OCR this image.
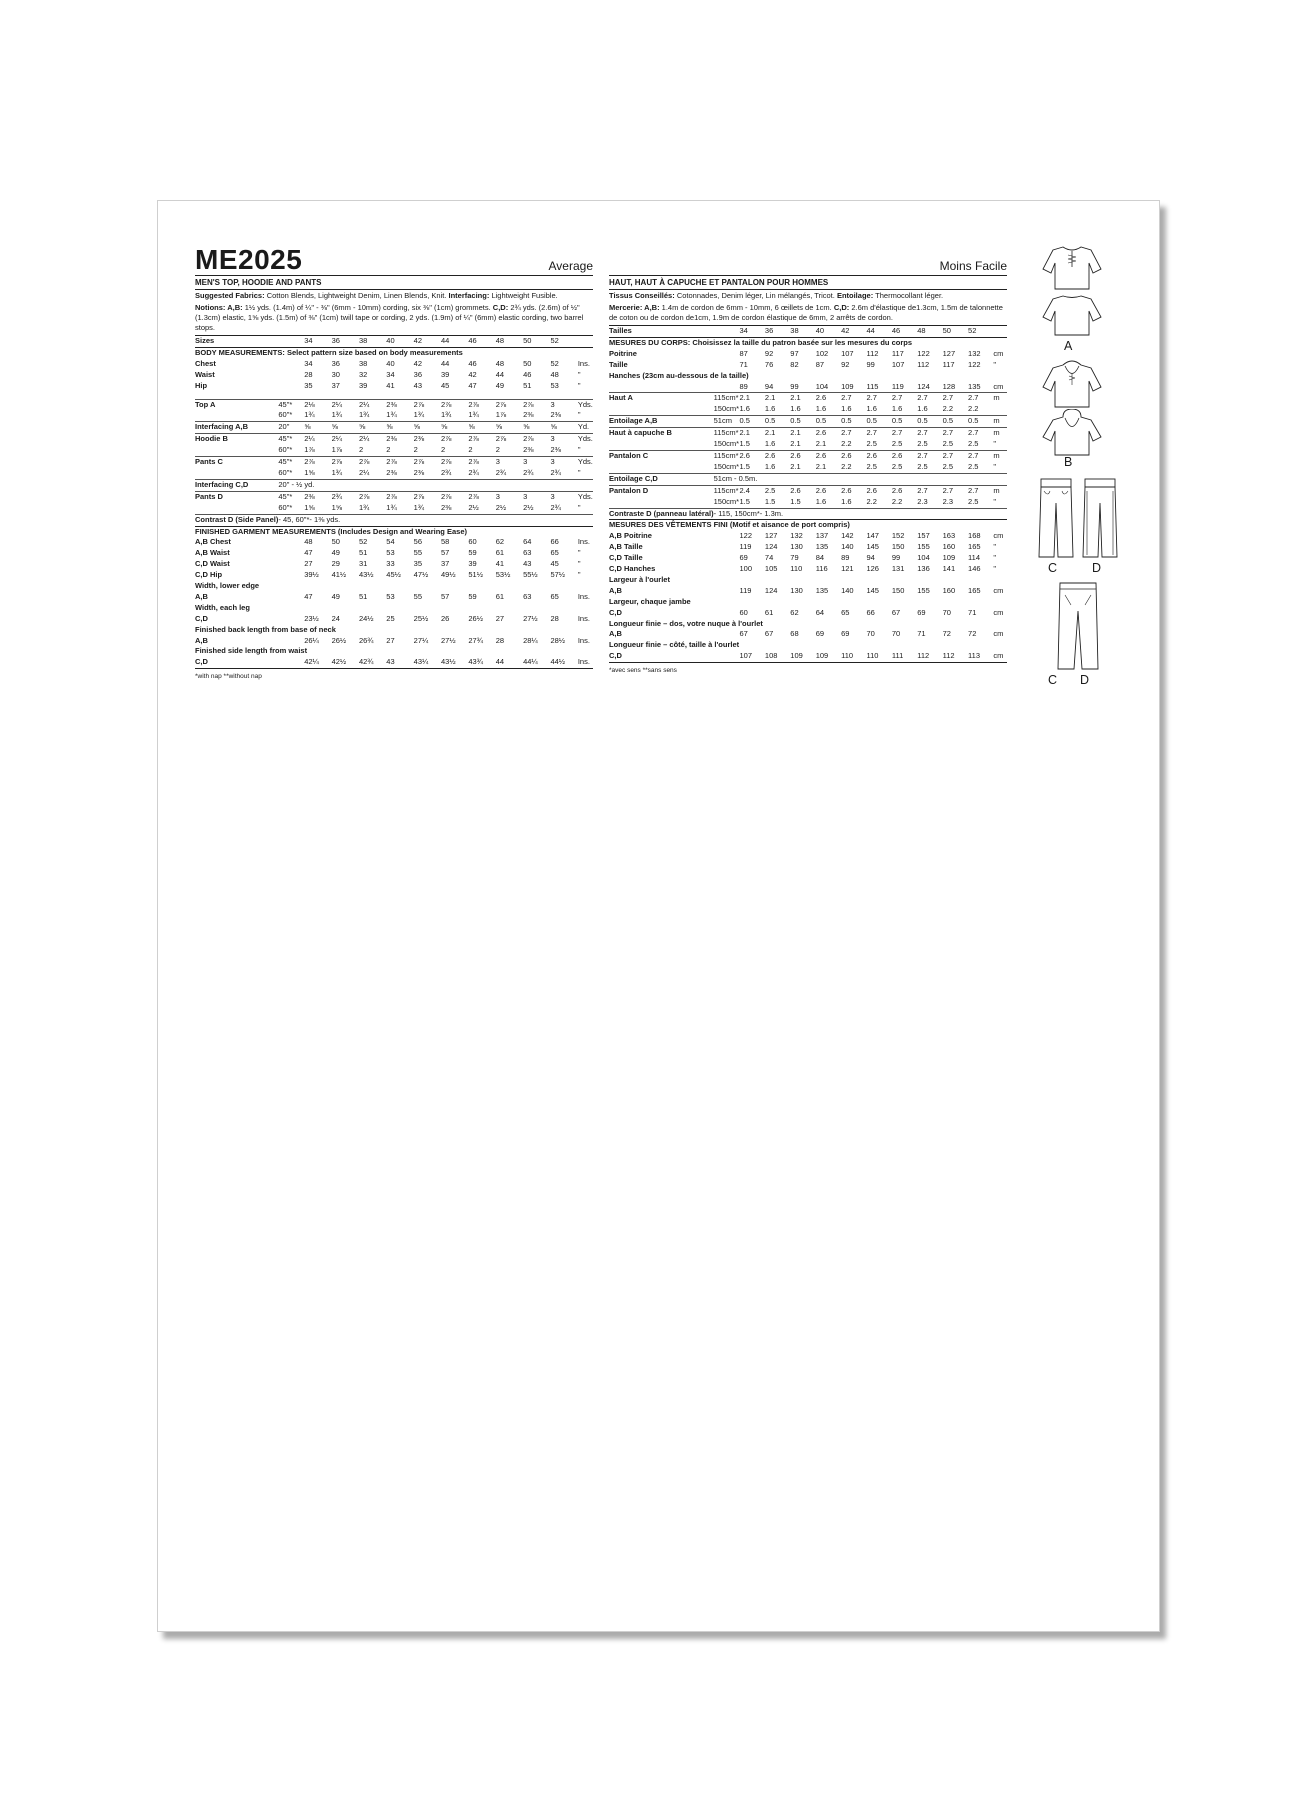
ME2025	Average
MEN'S TOP, HOODIE AND PANTS
Suggested Fabrics: Cotton Blends, Lightweight Denim, Linen Blends, Knit. Interfacing: Lightweight Fusible.
Notions: A,B: 1½ yds. (1.4m) of ¼" - ⅜" (6mm - 10mm) cording, six ⅜" (1cm) grommets. C,D: 2¾ yds. (2.6m) of ½" (1.3cm) elastic, 1⅝ yds. (1.5m) of ⅜" (1cm) twill tape or cording, 2 yds. (1.9m) of ¼" (6mm) elastic cording, two barrel stops.
Sizes		34	36	38	40	42	44	46	48	50	52	
BODY MEASUREMENTS: Select pattern size based on body measurements												
Chest		34	36	38	40	42	44	46	48	50	52	Ins.
Waist		28	30	32	34	36	39	42	44	46	48	"
Hip		35	37	39	41	43	45	47	49	51	53	"

Top A	45"*	2⅛	2¼	2¼	2⅜	2⅞	2⅞	2⅞	2⅞	2⅞	3	Yds.
	60"*	1¾	1¾	1¾	1¾	1¾	1¾	1¾	1⅞	2⅜	2⅜	"
Interfacing A,B	20"	⅝	⅝	⅝	⅝	⅝	⅝	⅝	⅝	⅝	⅝	Yd.
Hoodie B	45"*	2¼	2¼	2¼	2⅜	2⅜	2⅞	2⅞	2⅞	2⅞	3	Yds.
	60"*	1⅞	1⅞	2	2	2	2	2	2	2⅜	2⅜	"
Pants C	45"*	2⅞	2⅞	2⅞	2⅞	2⅞	2⅞	2⅞	3	3	3	Yds.
	60"*	1⅝	1¾	2¼	2⅜	2⅜	2¾	2¾	2¾	2¾	2¾	"
Interfacing C,D	20" - ½ yd.											
Pants D	45"*	2⅜	2¾	2⅞	2⅞	2⅞	2⅞	2⅞	3	3	3	Yds.
	60"*	1⅝	1⅝	1¾	1¾	1¾	2⅜	2½	2½	2½	2¾	"
Contrast D (Side Panel)	- 45, 60"*- 1⅜ yds.											
FINISHED GARMENT MEASUREMENTS (Includes Design and Wearing Ease)												
A,B Chest		48	50	52	54	56	58	60	62	64	66	Ins.
A,B Waist		47	49	51	53	55	57	59	61	63	65	"
C,D Waist		27	29	31	33	35	37	39	41	43	45	"
C,D Hip		39½	41½	43½	45½	47½	49½	51½	53½	55½	57½	"
Width, lower edge												
A,B		47	49	51	53	55	57	59	61	63	65	Ins.
Width, each leg												
C,D		23½	24	24½	25	25½	26	26½	27	27½	28	Ins.
Finished back length from base of neck												
A,B		26¼	26½	26¾	27	27¼	27½	27¾	28	28¼	28½	Ins.
Finished side length from waist												
C,D		42¼	42½	42¾	43	43¼	43½	43¾	44	44¼	44½	Ins.
*with nap **without nap
Moins Facile
HAUT, HAUT À CAPUCHE ET PANTALON POUR HOMMES
Tissus Conseillés: Cotonnades, Denim léger, Lin mélangés, Tricot. Entoilage: Thermocollant léger.
Mercerie: A,B: 1.4m de cordon de 6mm - 10mm, 6 œillets de 1cm. C,D: 2.6m d'élastique de1.3cm, 1.5m de talonnette de coton ou de cordon de1cm, 1.9m de cordon élastique de 6mm, 2 arrêts de cordon.
Tailles		34	36	38	40	42	44	46	48	50	52	
MESURES DU CORPS: Choisissez la taille du patron basée sur les mesures du corps												
Poitrine		87	92	97	102	107	112	117	122	127	132	cm
Taille		71	76	82	87	92	99	107	112	117	122	"
Hanches (23cm au-dessous de la taille)												
		89	94	99	104	109	115	119	124	128	135	cm
Haut A	115cm*	2.1	2.1	2.1	2.6	2.7	2.7	2.7	2.7	2.7	2.7	m
	150cm*	1.6	1.6	1.6	1.6	1.6	1.6	1.6	1.6	2.2	2.2	
Entoilage A,B	51cm	0.5	0.5	0.5	0.5	0.5	0.5	0.5	0.5	0.5	0.5	m
Haut à capuche B	115cm*	2.1	2.1	2.1	2.6	2.7	2.7	2.7	2.7	2.7	2.7	m
	150cm*	1.5	1.6	2.1	2.1	2.2	2.5	2.5	2.5	2.5	2.5	"
Pantalon C	115cm*	2.6	2.6	2.6	2.6	2.6	2.6	2.6	2.7	2.7	2.7	m
	150cm*	1.5	1.6	2.1	2.1	2.2	2.5	2.5	2.5	2.5	2.5	"
Entoilage C,D	51cm - 0.5m.											
Pantalon D	115cm*	2.4	2.5	2.6	2.6	2.6	2.6	2.6	2.7	2.7	2.7	m
	150cm*	1.5	1.5	1.5	1.6	1.6	2.2	2.2	2.3	2.3	2.5	"
Contraste D (panneau latéral)	- 115, 150cm*- 1.3m.											
MESURES DES VÊTEMENTS FINI (Motif et aisance de port compris)												
A,B Poitrine		122	127	132	137	142	147	152	157	163	168	cm
A,B Taille		119	124	130	135	140	145	150	155	160	165	"
C,D Taille		69	74	79	84	89	94	99	104	109	114	"
C,D Hanches		100	105	110	116	121	126	131	136	141	146	"
Largeur à l'ourlet												
A,B		119	124	130	135	140	145	150	155	160	165	cm
Largeur, chaque jambe												
C,D		60	61	62	64	65	66	67	69	70	71	cm
Longueur finie – dos, votre nuque à l'ourlet												
A,B		67	67	68	69	69	70	70	71	72	72	cm
Longueur finie – côté, taille à l'ourlet												
C,D		107	108	109	109	110	110	111	112	112	113	cm
*avec sens **sans sens
A
B
C	D
C D
